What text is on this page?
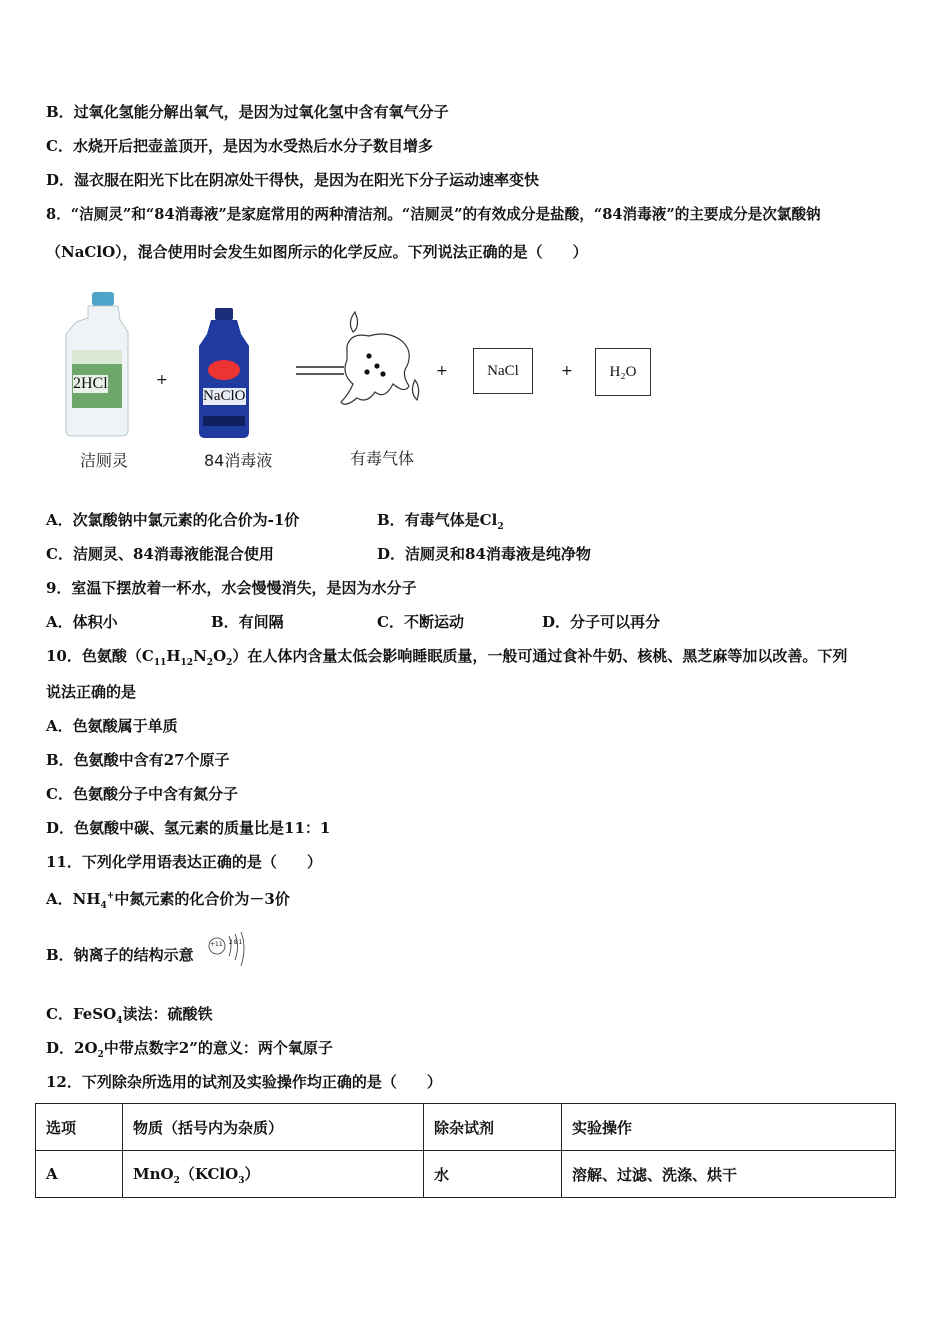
B．过氧化氢能分解出氧气，是因为过氧化氢中含有氧气分子
C．水烧开后把壶盖顶开，是因为水受热后水分子数目增多
D．湿衣服在阳光下比在阴凉处干得快，是因为在阳光下分子运动速率变快
8．“洁厕灵”和“84消毒液”是家庭常用的两种清洁剂。“洁厕灵”的有效成分是盐酸，“84消毒液”的主要成分是次氯酸钠
（NaClO），混合使用时会发生如图所示的化学反应。下列说法正确的是（　　）
2HCl
洁厕灵
+
NaClO
84消毒液	有毒气体
+	NaCl	+	H₂O
A．次氯酸钠中氯元素的化合价为-1价	B．有毒气体是$Cl_2$
C．洁厕灵、84消毒液能混合使用	D．洁厕灵和84消毒液是纯净物
9．室温下摆放着一杯水，水会慢慢消失，是因为水分子
A．体积小	B．有间隔	C．不断运动	D．分子可以再分
10．色氨酸$(C_{11}H_{12}N_2O_2)$在人体内含量太低会影响睡眠质量，一般可通过食补牛奶、核桃、黑芝麻等加以改善。下列
说法正确的是
A．色氨酸属于单质
B．色氨酸中含有27个原子
C．色氨酸分子中含有氮分子
D．色氨酸中碳、氢元素的质量比是11：1
11．下列化学用语表达正确的是（　　）
A．$NH_4^+$中氮元素的化合价为－3价
B．钠离子的结构示意
+11 2 8 1
C．FeSO$_4$读法：硫酸铁
D．$2O_2$中带点数字2”的意义：两个氧原子
12．下列除杂所选用的试剂及实验操作均正确的是（　　）
选项	物质（括号内为杂质）	除杂试剂	实验操作
A	MnO$_2$（KClO$_3$）	水	溶解、过滤、洗涤、烘干
